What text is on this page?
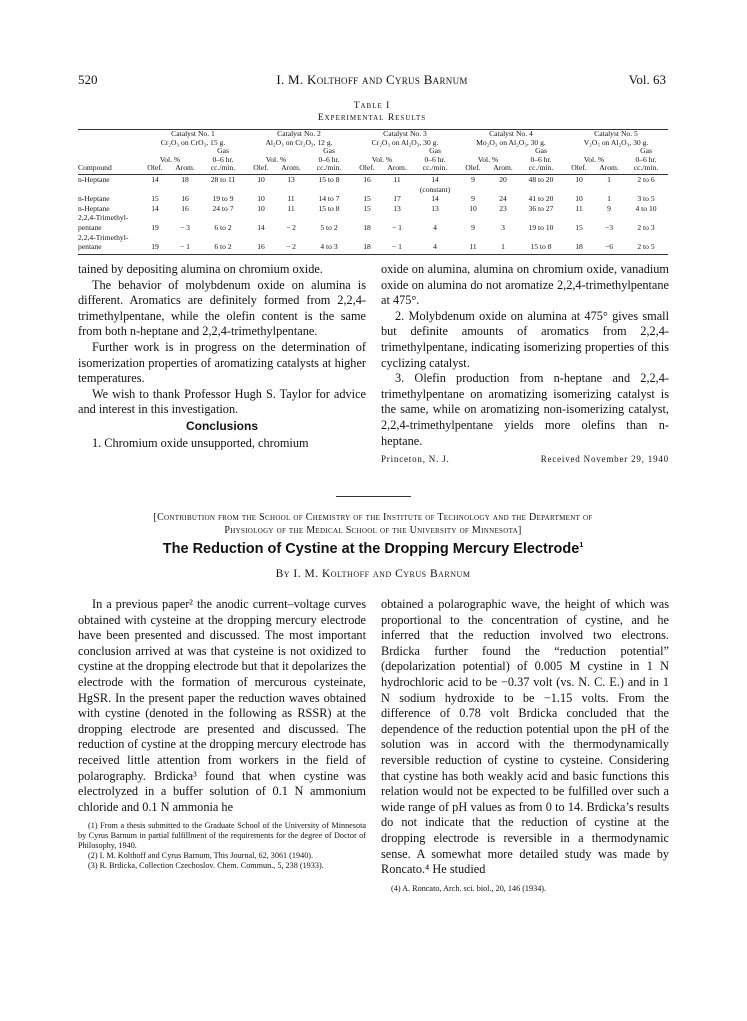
520	I. M. Kolthoff and Cyrus Barnum	Vol. 63
Table I
Experimental Results

	Catalyst No. 1			Catalyst No. 2			Catalyst No. 3			Catalyst No. 4			Catalyst No. 5		
	Cr₂O₃ on CrO₃, 15 g.			Al₂O₃ on Cr₂O₃, 12 g.			Cr₂O₃ on Al₂O₃, 30 g.			Mo₂O₃ on Al₂O₃, 30 g.			V₂O₅ on Al₂O₃, 30 g.		
			Gas			Gas			Gas			Gas			Gas
	Vol. %		0–6 hr.	Vol. %		0–6 hr.	Vol. %		0–6 hr.	Vol. %		0–6 hr.	Vol. %		0–6 hr.
Compound	Olef.	Arom.	cc./min.	Olef.	Arom.	cc./min.	Olef.	Arom.	cc./min.	Olef.	Arom.	cc./min.	Olef.	Arom.	cc./min.
n-Heptane	14	18	28 to 11	10	13	15 to 8	16	11	14	9	20	48 to 20	10	1	2 to 6
									(constant)						
n-Heptane	15	16	19 to 9	10	11	14 to 7	15	17	14	9	24	41 to 20	10	1	3 to 5
n-Heptane	14	16	24 to 7	10	11	15 to 8	15	13	13	10	23	36 to 27	11	9	4 to 10
2,2,4-Trimethyl-															
pentane	19	− 3	6 to 2	14	− 2	5 to 2	18	− 1	4	9	3	19 to 10	15	−3	2 to 3
2,2,4-Trimethyl-															
pentane	19	− 1	6 to 2	16	− 2	4 to 3	18	− 1	4	11	1	15 to 8	18	−6	2 to 5

tained by depositing alumina on chromium oxide.

The behavior of molybdenum oxide on alumina is different. Aromatics are definitely formed from 2,2,4-trimethylpentane, while the olefin content is the same from both n-heptane and 2,2,4-trimethylpentane.

Further work is in progress on the determination of isomerization properties of aromatizing catalysts at higher temperatures.

We wish to thank Professor Hugh S. Taylor for advice and interest in this investigation.

Conclusions

1. Chromium oxide unsupported, chromium

oxide on alumina, alumina on chromium oxide, vanadium oxide on alumina do not aromatize 2,2,4-trimethylpentane at 475°.

2. Molybdenum oxide on alumina at 475° gives small but definite amounts of aromatics from 2,2,4-trimethylpentane, indicating isomerizing properties of this cyclizing catalyst.

3. Olefin production from n-heptane and 2,2,4-trimethylpentane on aromatizing isomerizing catalyst is the same, while on aromatizing non-isomerizing catalyst, 2,2,4-trimethylpentane yields more olefins than n-heptane.

Princeton, N. J.	Received November 29, 1940
[Contribution from the School of Chemistry of the Institute of Technology and the Department of
Physiology of the Medical School of the University of Minnesota]
The Reduction of Cystine at the Dropping Mercury Electrode$^1$
By I. M. Kolthoff and Cyrus Barnum

In a previous paper² the anodic current–voltage curves obtained with cysteine at the dropping mercury electrode have been presented and discussed. The most important conclusion arrived at was that cysteine is not oxidized to cystine at the dropping electrode but that it depolarizes the electrode with the formation of mercurous cysteinate, HgSR. In the present paper the reduction waves obtained with cystine (denoted in the following as RSSR) at the dropping electrode are presented and discussed. The reduction of cystine at the dropping mercury electrode has received little attention from workers in the field of polarography. Brdicka³ found that when cystine was electrolyzed in a buffer solution of 0.1 N ammonium chloride and 0.1 N ammonia he

(1) From a thesis submitted to the Graduate School of the University of Minnesota by Cyrus Barnum in partial fulfillment of the requirements for the degree of Doctor of Philosophy, 1940.

(2) I. M. Kolthoff and Cyrus Barnum, This Journal, 62, 3061 (1940).

(3) R. Brdicka, Collection Czechoslov. Chem. Commun., 5, 238 (1933).

obtained a polarographic wave, the height of which was proportional to the concentration of cystine, and he inferred that the reduction involved two electrons. Brdicka further found the “reduction potential” (depolarization potential) of 0.005 M cystine in 1 N hydrochloric acid to be −0.37 volt (vs. N. C. E.) and in 1 N sodium hydroxide to be −1.15 volts. From the difference of 0.78 volt Brdicka concluded that the dependence of the reduction potential upon the pH of the solution was in accord with the thermodynamically reversible reduction of cystine to cysteine. Considering that cystine has both weakly acid and basic functions this relation would not be expected to be fulfilled over such a wide range of pH values as from 0 to 14. Brdicka’s results do not indicate that the reduction of cystine at the dropping electrode is reversible in a thermodynamic sense. A somewhat more detailed study was made by Roncato.⁴ He studied

(4) A. Roncato, Arch. sci. biol., 20, 146 (1934).
